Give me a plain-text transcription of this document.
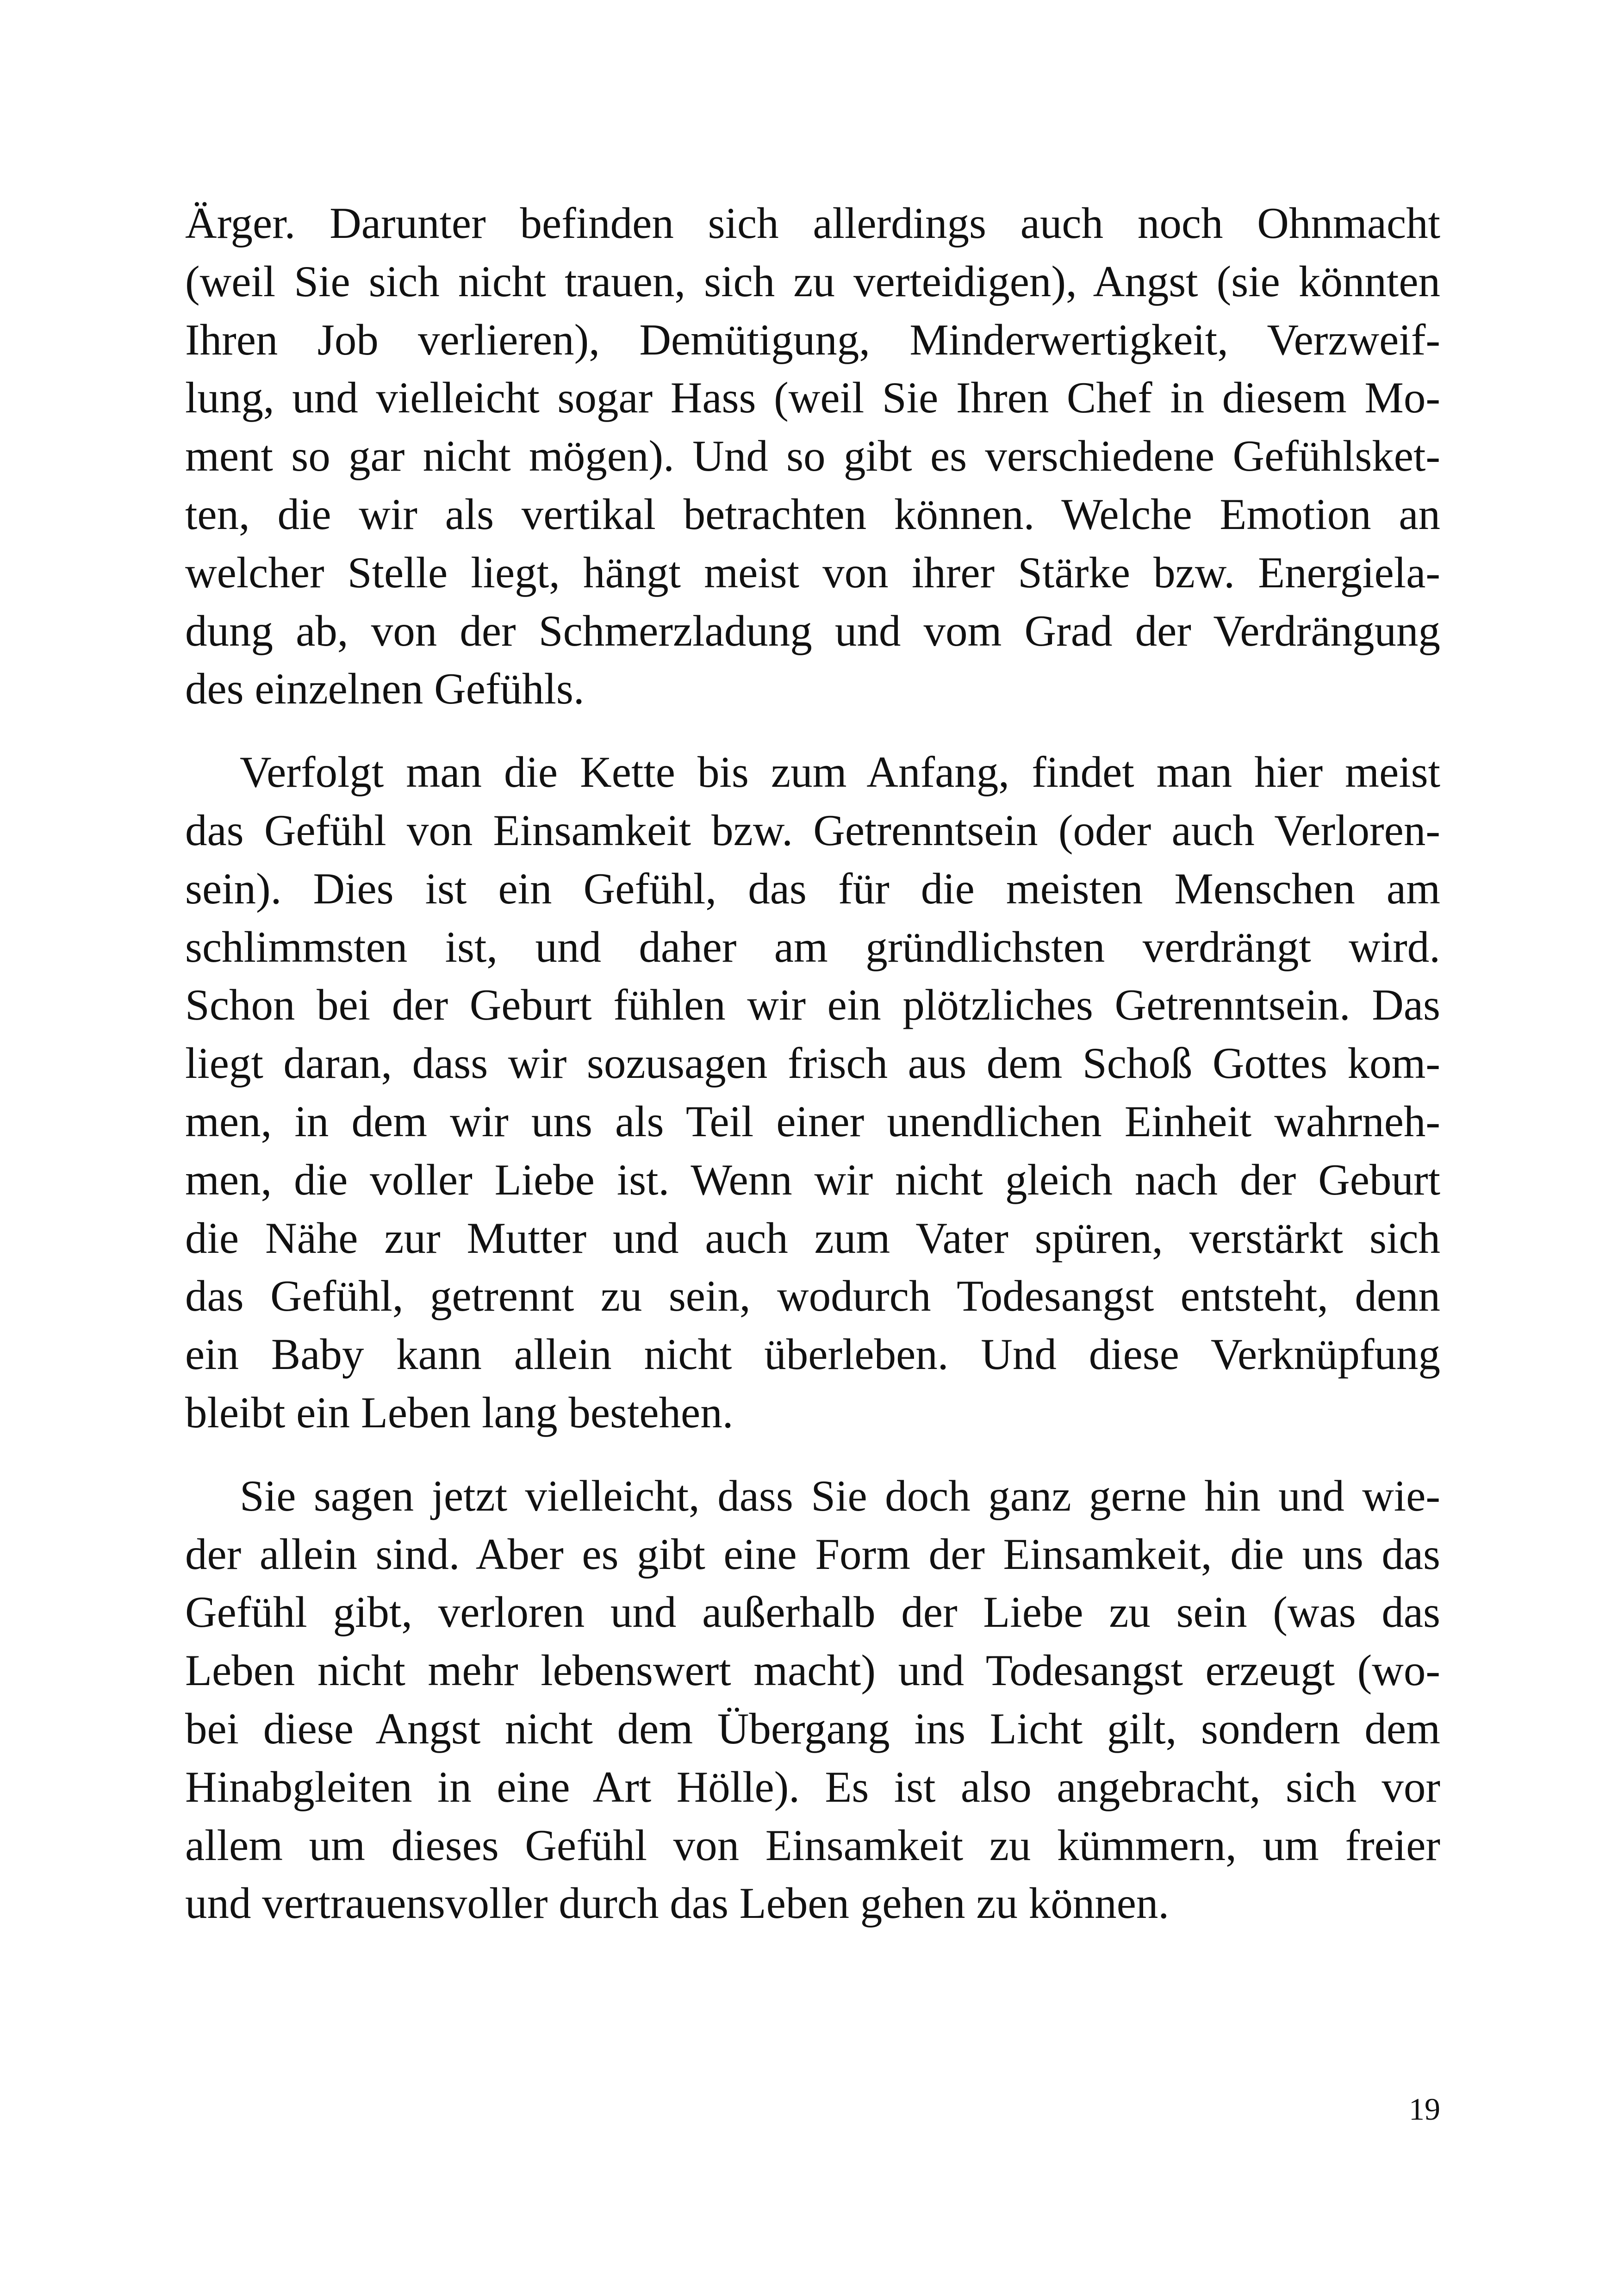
Ärger. Darunter befinden sich allerdings auch noch Ohnmacht
(weil Sie sich nicht trauen, sich zu verteidigen), Angst (sie könnten
Ihren Job verlieren), Demütigung, Minderwertigkeit, Verzweif-
lung, und vielleicht sogar Hass (weil Sie Ihren Chef in diesem Mo-
ment so gar nicht mögen). Und so gibt es verschiedene Gefühlsket-
ten, die wir als vertikal betrachten können. Welche Emotion an
welcher Stelle liegt, hängt meist von ihrer Stärke bzw. Energiela-
dung ab, von der Schmerzladung und vom Grad der Verdrängung
des einzelnen Gefühls.
Verfolgt man die Kette bis zum Anfang, findet man hier meist
das Gefühl von Einsamkeit bzw. Getrenntsein (oder auch Verloren-
sein). Dies ist ein Gefühl, das für die meisten Menschen am
schlimmsten ist, und daher am gründlichsten verdrängt wird.
Schon bei der Geburt fühlen wir ein plötzliches Getrenntsein. Das
liegt daran, dass wir sozusagen frisch aus dem Schoß Gottes kom-
men, in dem wir uns als Teil einer unendlichen Einheit wahrneh-
men, die voller Liebe ist. Wenn wir nicht gleich nach der Geburt
die Nähe zur Mutter und auch zum Vater spüren, verstärkt sich
das Gefühl, getrennt zu sein, wodurch Todesangst entsteht, denn
ein Baby kann allein nicht überleben. Und diese Verknüpfung
bleibt ein Leben lang bestehen.
Sie sagen jetzt vielleicht, dass Sie doch ganz gerne hin und wie-
der allein sind. Aber es gibt eine Form der Einsamkeit, die uns das
Gefühl gibt, verloren und außerhalb der Liebe zu sein (was das
Leben nicht mehr lebenswert macht) und Todesangst erzeugt (wo-
bei diese Angst nicht dem Übergang ins Licht gilt, sondern dem
Hinabgleiten in eine Art Hölle). Es ist also angebracht, sich vor
allem um dieses Gefühl von Einsamkeit zu kümmern, um freier
und vertrauensvoller durch das Leben gehen zu können.
19
